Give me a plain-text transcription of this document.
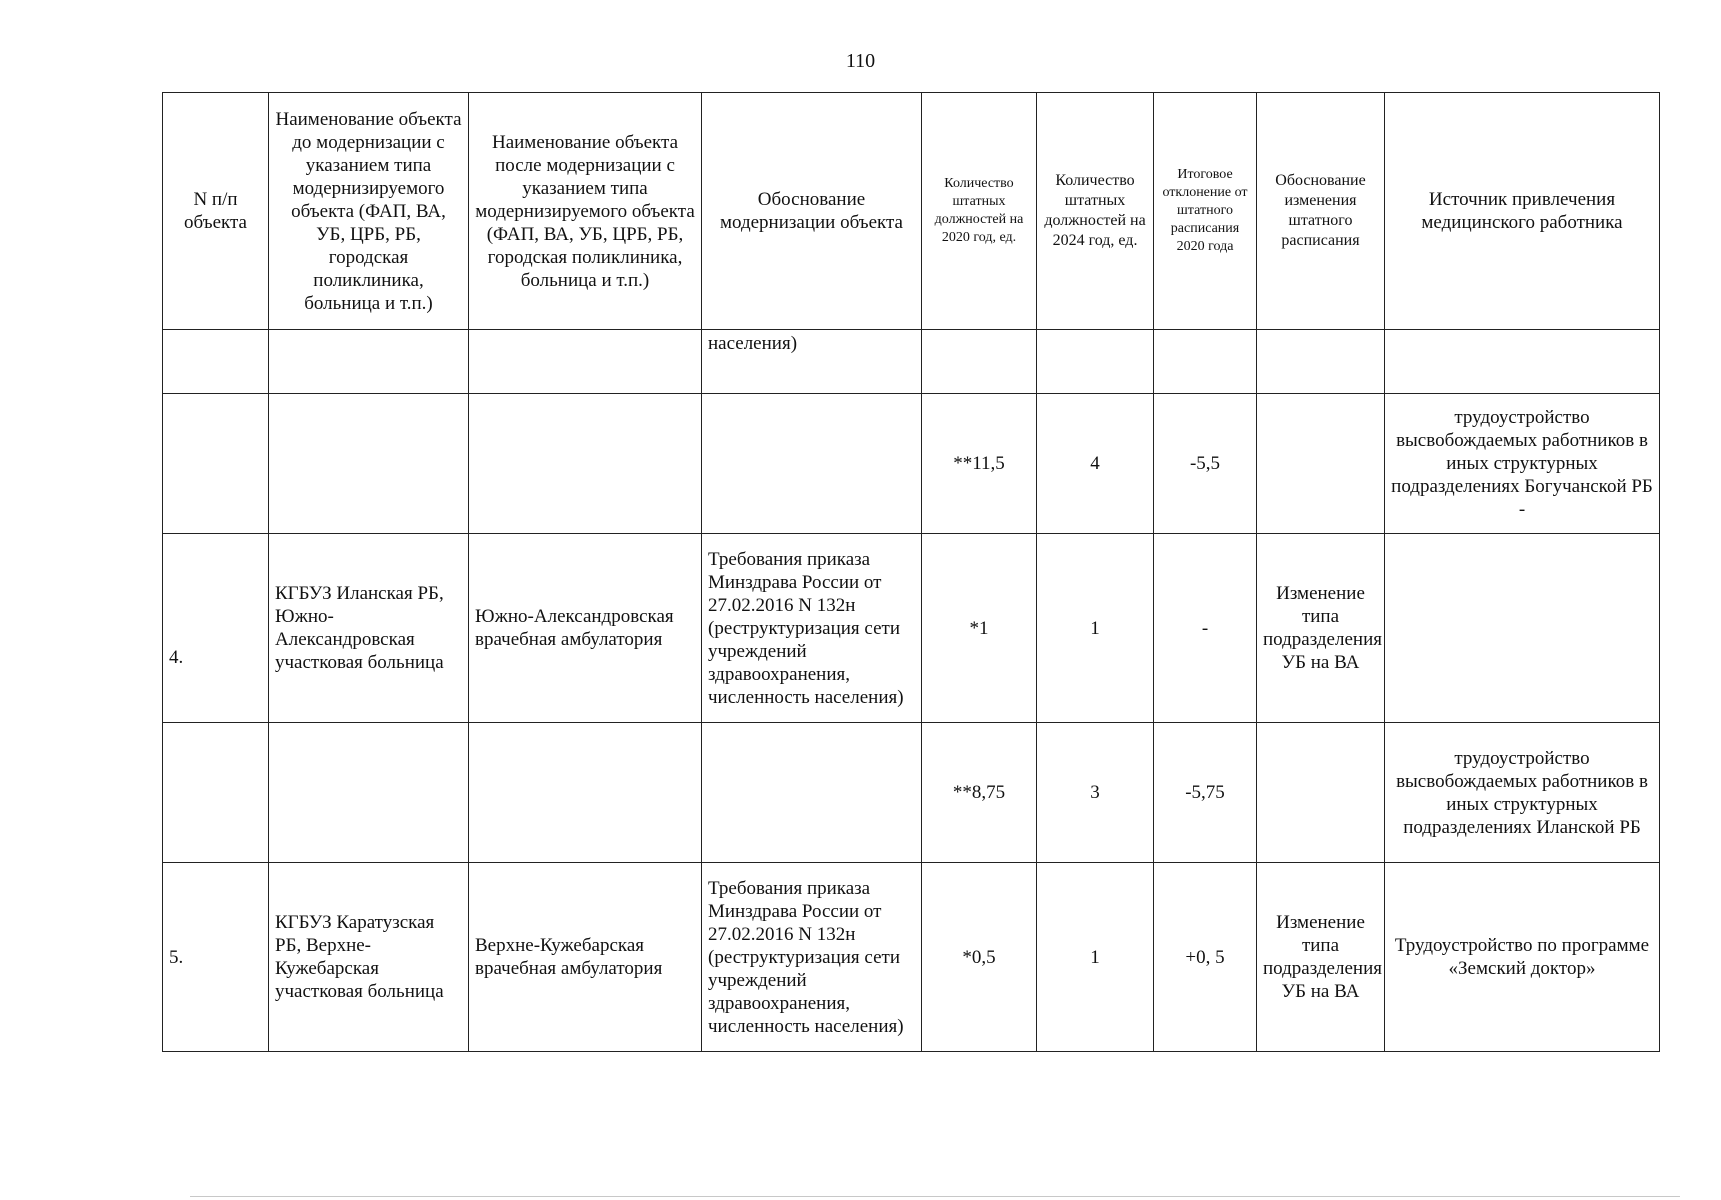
110
N п/п объекта	Наименование объекта до модернизации с указанием типа модернизируемого объекта (ФАП, ВА, УБ, ЦРБ, РБ, городская поликлиника, больница и т.п.)	Наименование объекта после модернизации с указанием типа модернизируемого объекта (ФАП, ВА, УБ, ЦРБ, РБ, городская поликлиника, больница и т.п.)	Обоснование модернизации объекта	Количество штатных должностей на 2020 год, ед.	Количество штатных должностей на 2024 год, ед.	Итоговое отклонение от штатного расписания 2020 года	Обоснование изменения штатного расписания	Источник привлечения медицинского работника
			населения)					
				**11,5	4	-5,5		трудоустройство высвобождаемых работников в иных структурных подразделениях Богучанской РБ -
4.	КГБУЗ Иланская РБ, Южно-Александровская участковая больница	Южно-Александровская врачебная амбулатория	Требования приказа Минздрава России от 27.02.2016 N 132н (реструктуризация сети учреждений здравоохранения, численность населения)	*1	1	-	Изменение типа подразделения УБ на ВА	
				**8,75	3	-5,75		трудоустройство высвобождаемых работников в иных структурных подразделениях Иланской РБ
5.	КГБУЗ Каратузская РБ, Верхне-Кужебарская участковая больница	Верхне-Кужебарская врачебная амбулатория	Требования приказа Минздрава России от 27.02.2016 N 132н (реструктуризация сети учреждений здравоохранения, численность населения)	*0,5	1	+0, 5	Изменение типа подразделения УБ на ВА	Трудоустройство по программе «Земский доктор»
